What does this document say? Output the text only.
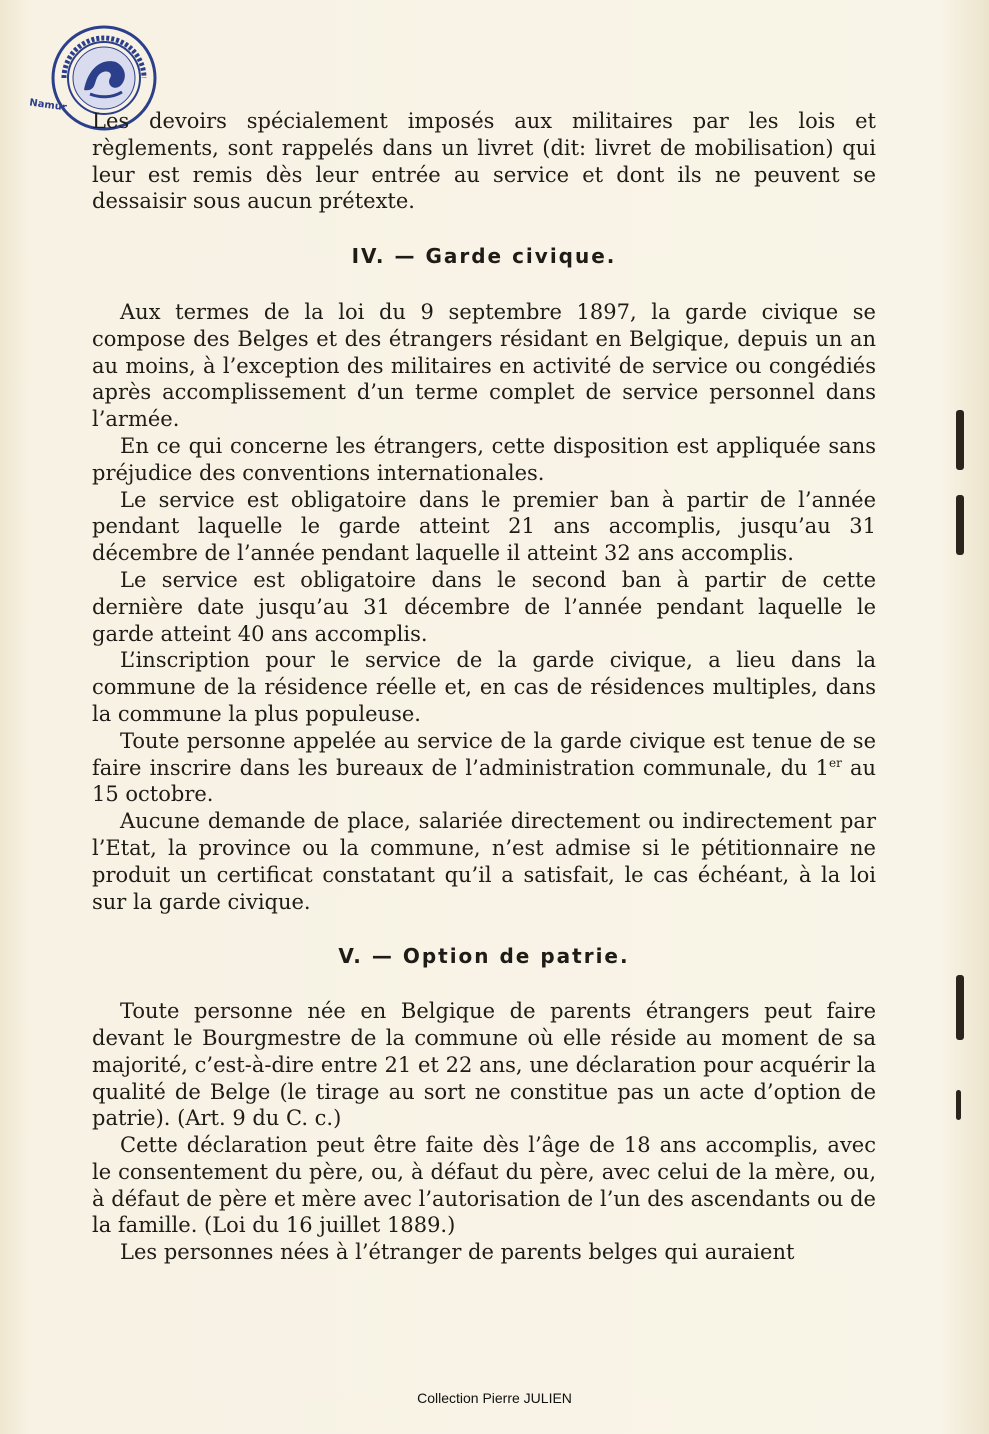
Namur

Les devoirs spécialement imposés aux militaires par les lois et règlements, sont rappelés dans un livret (dit: livret de mobilisation) qui leur est remis dès leur entrée au service et dont ils ne peuvent se dessaisir sous aucun prétexte.

IV. — Garde civique.

Aux termes de la loi du 9 septembre 1897, la garde civique se compose des Belges et des étrangers résidant en Belgique, depuis un an au moins, à l’exception des militaires en activité de service ou congédiés après accomplissement d’un terme complet de service personnel dans l’armée.

En ce qui concerne les étrangers, cette disposition est appliquée sans préjudice des conventions internationales.

Le service est obligatoire dans le premier ban à partir de l’année pendant laquelle le garde atteint 21 ans accomplis, jusqu’au 31 décembre de l’année pendant laquelle il atteint 32 ans accomplis.

Le service est obligatoire dans le second ban à partir de cette dernière date jusqu’au 31 décembre de l’année pendant laquelle le garde atteint 40 ans accomplis.

L’inscription pour le service de la garde civique, a lieu dans la commune de la résidence réelle et, en cas de résidences multiples, dans la commune la plus populeuse.

Toute personne appelée au service de la garde civique est tenue de se faire inscrire dans les bureaux de l’administration communale, du 1er au 15 octobre.

Aucune demande de place, salariée directement ou indirectement par l’Etat, la province ou la commune, n’est admise si le pétitionnaire ne produit un certificat constatant qu’il a satisfait, le cas échéant, à la loi sur la garde civique.

V. — Option de patrie.

Toute personne née en Belgique de parents étrangers peut faire devant le Bourgmestre de la commune où elle réside au moment de sa majorité, c’est-à-dire entre 21 et 22 ans, une déclaration pour acquérir la qualité de Belge (le tirage au sort ne constitue pas un acte d’option de patrie). (Art. 9 du C. c.)

Cette déclaration peut être faite dès l’âge de 18 ans accomplis, avec le consentement du père, ou, à défaut du père, avec celui de la mère, ou, à défaut de père et mère avec l’autorisation de l’un des ascendants ou de la famille. (Loi du 16 juillet 1889.)

Les personnes nées à l’étranger de parents belges qui auraient

Collection Pierre JULIEN
